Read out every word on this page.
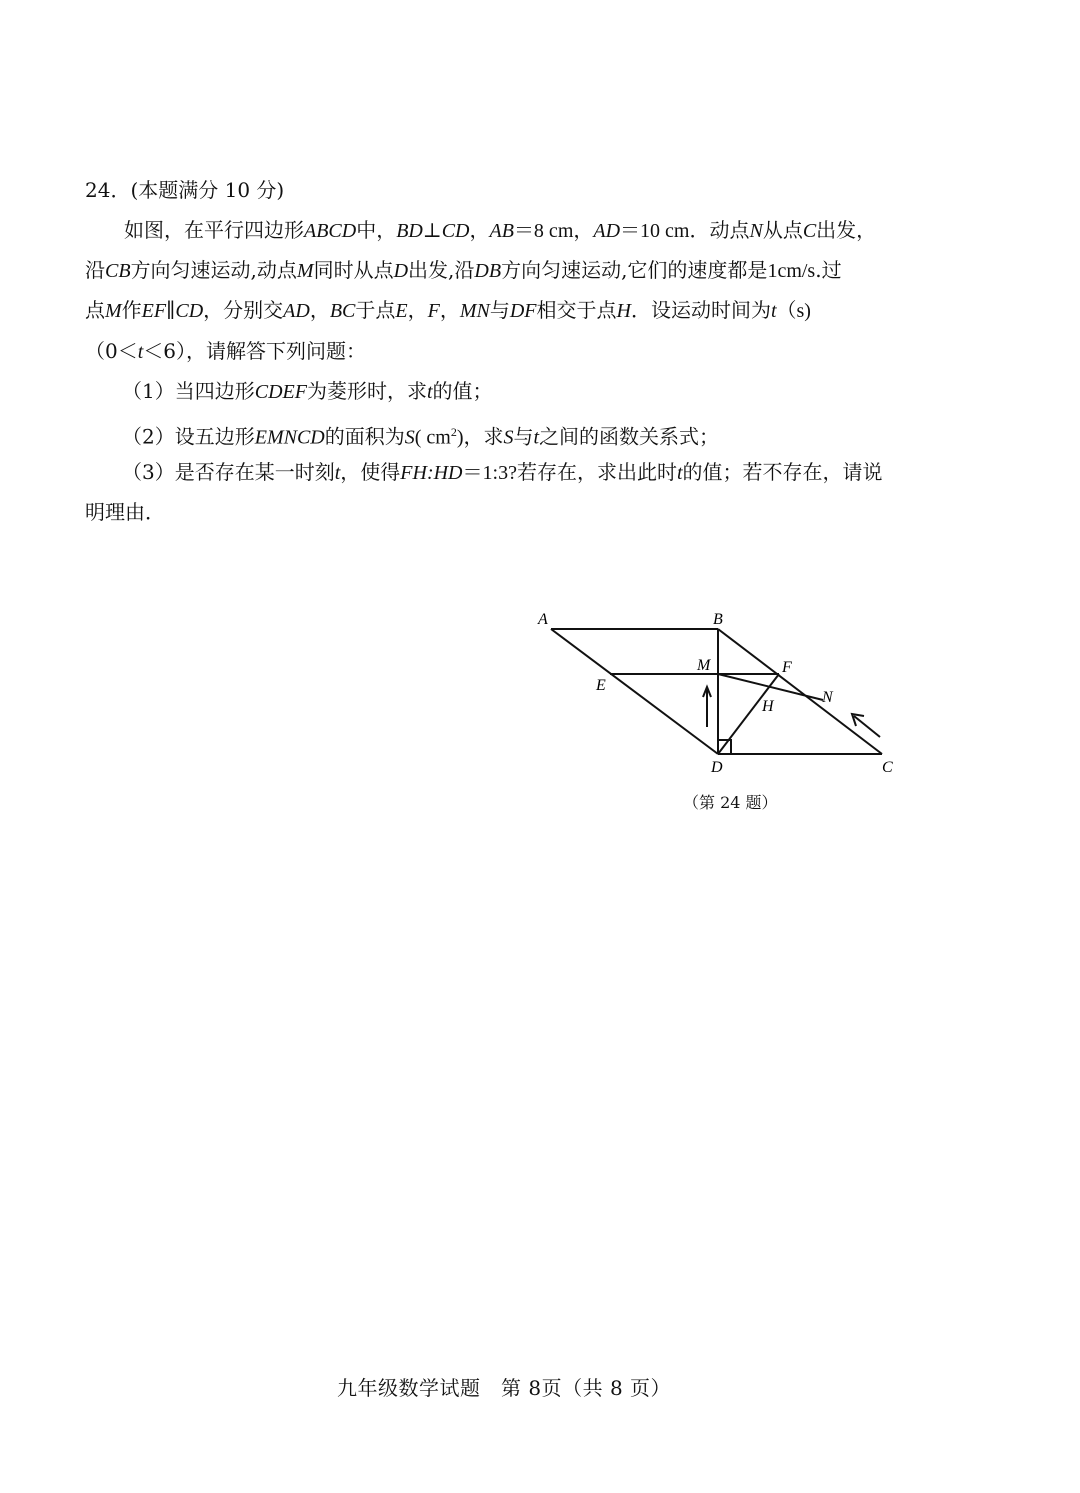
24．(本题满分 10 分)
如图，在平行四边形ABCD中，BD⊥CD，AB＝8 cm，AD＝10 cm．动点N从点C出发，
沿CB方向匀速运动,动点M同时从点D出发,沿DB方向匀速运动,它们的速度都是1cm/s.过
点M作EF∥CD，分别交AD，BC于点E，F，MN与DF相交于点H．设运动时间为t（s)
（0＜t＜6），请解答下列问题：
（1）当四边形CDEF为菱形时，求t的值；
（2）设五边形EMNCD的面积为S( $cm^2$)，求S与t之间的函数关系式；
（3）是否存在某一时刻t，使得FH:HD＝1:3?若存在，求出此时t的值；若不存在，请说
明理由．
A	B
C
D
E
F
M
N
H
（第 24 题）
九年级数学试题　第 8页（共 8 页）
